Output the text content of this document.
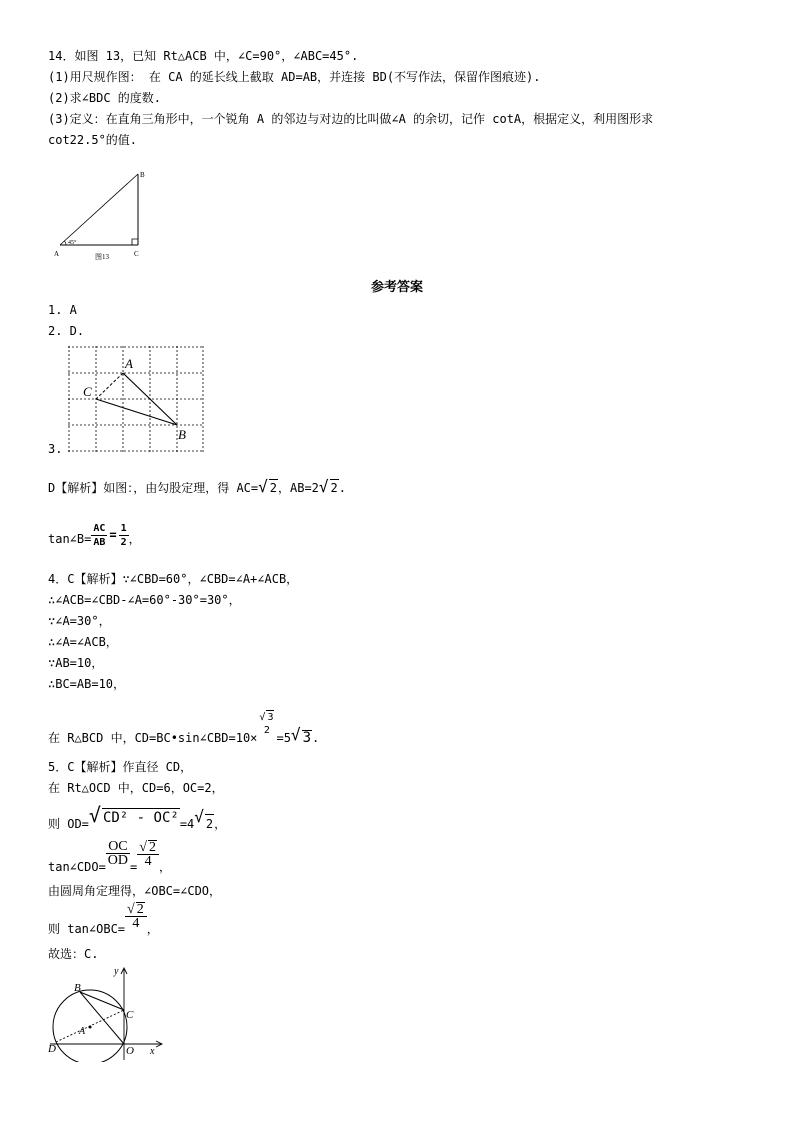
14．如图 13，已知 Rt△ACB 中，∠C=90°，∠ABC=45°.
(1)用尺规作图： 在 CA 的延长线上截取 AD=AB，并连接 BD(不写作法，保留作图痕迹).
(2)求∠BDC 的度数.
(3)定义：在直角三角形中，一个锐角 A 的邻边与对边的比叫做∠A 的余切，记作 cotA，根据定义，利用图形求
cot22.5°的值.
B
A	C
45°
图13
参考答案
1. A
2. D.
A
C
B
3.
D【解析】如图：，由勾股定理，得 AC=√ 2，AB=2√ 2.
tan∠B= $\frac{AC}{AB} = \frac{1}{2}$ ，
4．C【解析】∵∠CBD=60°，∠CBD=∠A+∠ACB，
∴∠ACB=∠CBD-∠A=60°-30°=30°，
∵∠A=30°，
∴∠A=∠ACB，
∵AB=10，
∴BC=AB=10，
在 R△BCD 中，CD=BC•sin∠CBD=10×
√ 3
2
=5√ 3.
5．C【解析】作直径 CD，
在 Rt△OCD 中，CD=6，OC=2，
则 OD=√ CD² - OC²=4√ 2，
tan∠CDO= $\frac{OC}{OD} = \frac{√ 2}{4}$ ，
由圆周角定理得，∠OBC=∠CDO，
则 tan∠OBC= $\frac{√ 2}{4}$ ，
故选：C.
B
C
A
D	O x
y
